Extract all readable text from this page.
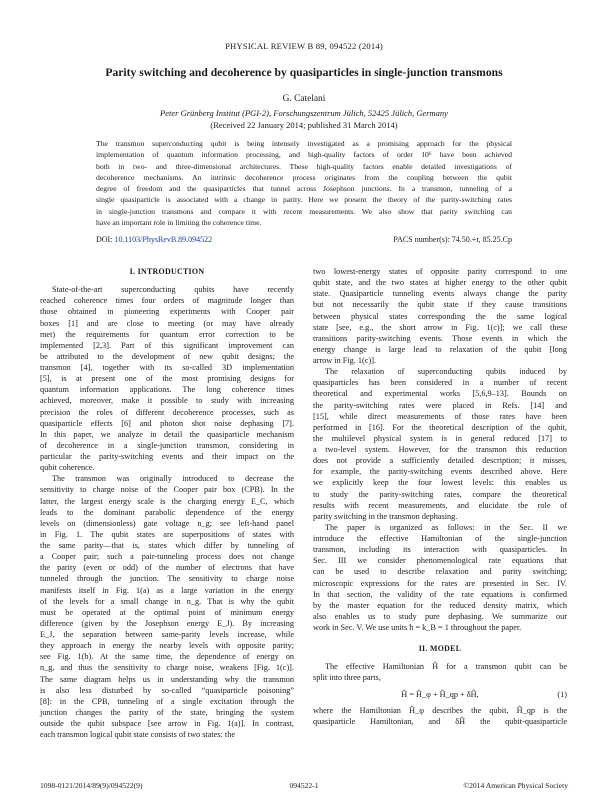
PHYSICAL REVIEW B 89, 094522 (2014)
Parity switching and decoherence by quasiparticles in single-junction transmons
G. Catelani
Peter Grünberg Institut (PGI-2), Forschungszentrum Jülich, 52425 Jülich, Germany
(Received 22 January 2014; published 31 March 2014)
The transmon superconducting qubit is being intensely investigated as a promising approach for the physical
implementation of quantum information processing, and high-quality factors of order 10⁶ have been achieved
both in two- and three-dimensional architectures. These high-quality factors enable detailed investigations of
decoherence mechanisms. An intrinsic decoherence process originates from the coupling between the qubit
degree of freedom and the quasiparticles that tunnel across Josephson junctions. In a transmon, tunneling of a
single quasiparticle is associated with a change in parity. Here we present the theory of the parity-switching rates
in single-junction transmons and compare it with recent measurements. We also show that parity switching can
have an important role in limiting the coherence time.
DOI: 10.1103/PhysRevB.89.094522	PACS number(s): 74.50.+r, 85.25.Cp
I. INTRODUCTION
State-of-the-art superconducting qubits have recently
reached coherence times four orders of magnitude longer than
those obtained in pioneering experiments with Cooper pair
boxes [1] and are close to meeting (or may have already
met) the requirements for quantum error correction to be
implemented [2,3]. Part of this significant improvement can
be attributed to the development of new qubit designs; the
transmon [4], together with its so-called 3D implementation
[5], is at present one of the most promising designs for
quantum information applications. The long coherence times
achieved, moreover, make it possible to study with increasing
precision the roles of different decoherence processes, such as
quasiparticle effects [6] and photon shot noise dephasing [7].
In this paper, we analyze in detail the quasiparticle mechanism
of decoherence in a single-junction transmon, considering in
particular the parity-switching events and their impact on the
qubit coherence.
The transmon was originally introduced to decrease the
sensitivity to charge noise of the Cooper pair box (CPB). In the
latter, the largest energy scale is the charging energy E_C, which
leads to the dominant parabolic dependence of the energy
levels on (dimensionless) gate voltage n_g; see left-hand panel
in Fig. 1. The qubit states are superpositions of states with
the same parity—that is, states which differ by tunneling of
a Cooper pair; such a pair-tunneling process does not change
the parity (even or odd) of the number of electrons that have
tunneled through the junction. The sensitivity to charge noise
manifests itself in Fig. 1(a) as a large variation in the energy
of the levels for a small change in n_g. That is why the qubit
must be operated at the optimal point of minimum energy
difference (given by the Josephson energy E_J). By increasing
E_J, the separation between same-parity levels increase, while
they approach in energy the nearby levels with opposite parity;
see Fig. 1(b). At the same time, the dependence of energy on
n_g, and thus the sensitivity to charge noise, weakens [Fig. 1(c)].
The same diagram helps us in understanding why the transmon
is also less disturbed by so-called “quasiparticle poisoning”
[8]: in the CPB, tunneling of a single excitation through the
junction changes the parity of the state, bringing the system
outside the qubit subspace [see arrow in Fig. 1(a)]. In contrast,
each transmon logical qubit state consists of two states: the
two lowest-energy states of opposite parity correspond to one
qubit state, and the two states at higher energy to the other qubit
state. Quasiparticle tunneling events always change the parity
but not necessarily the qubit state if they cause transitions
between physical states corresponding the the same logical
state [see, e.g., the short arrow in Fig. 1(c)]; we call these
transitions parity-switching events. Those events in which the
energy change is large lead to relaxation of the qubit [long
arrow in Fig. 1(c)].
The relaxation of superconducting qubits induced by
quasiparticles has been considered in a number of recent
theoretical and experimental works [5,6,9–13]. Bounds on
the parity-switching rates were placed in Refs. [14] and
[15], while direct measurements of those rates have been
performed in [16]. For the theoretical description of the qubit,
the multilevel physical system is in general reduced [17] to
a two-level system. However, for the transmon this reduction
does not provide a sufficiently detailed description; it misses,
for example, the parity-switching events described above. Here
we explicitly keep the four lowest levels: this enables us
to study the parity-switching rates, compare the theoretical
results with recent measurements, and elucidate the role of
parity switching in the transmon dephasing.
The paper is organized as follows: in the Sec. II we
introduce the effective Hamiltonian of the single-junction
transmon, including its interaction with quasiparticles. In
Sec. III we consider phenomenological rate equations that
can be used to describe relaxation and parity switching;
microscopic expressions for the rates are presented in Sec. IV.
In that section, the validity of the rate equations is confirmed
by the master equation for the reduced density matrix, which
also enables us to study pure dephasing. We summarize our
work in Sec. V. We use units ħ = k_B = 1 throughout the paper.
II. MODEL
The effective Hamiltonian Ĥ for a transmon qubit can be
split into three parts,
Ĥ = Ĥ_φ + Ĥ_qp + δĤ,	(1)
where the Hamiltonian Ĥ_φ describes the qubit, Ĥ_qp is the
quasiparticle Hamiltonian, and δĤ the qubit-quasiparticle
1098-0121/2014/89(9)/094522(9)	094522-1	©2014 American Physical Society
